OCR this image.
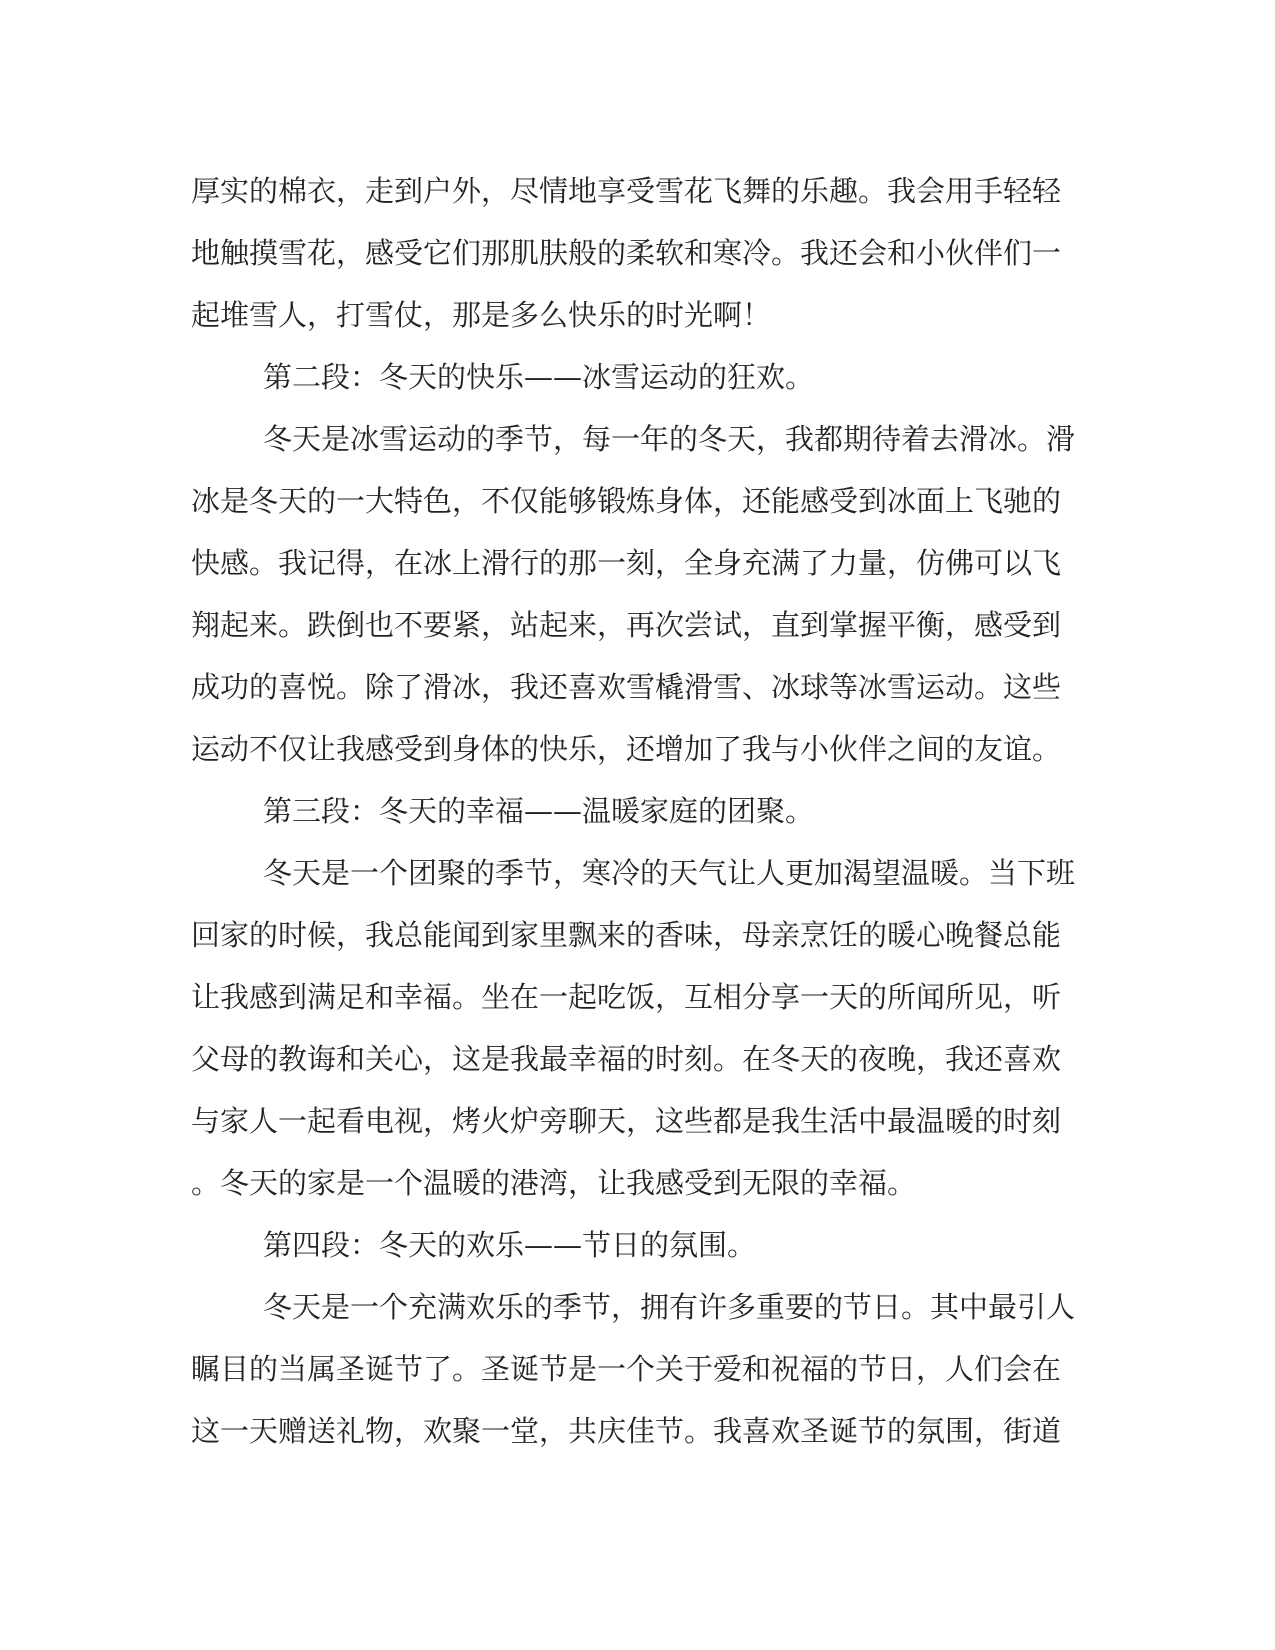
厚实的棉衣，走到户外，尽情地享受雪花飞舞的乐趣。我会用手轻轻
地触摸雪花，感受它们那肌肤般的柔软和寒冷。我还会和小伙伴们一
起堆雪人，打雪仗，那是多么快乐的时光啊！
第二段：冬天的快乐——冰雪运动的狂欢。
冬天是冰雪运动的季节，每一年的冬天，我都期待着去滑冰。滑
冰是冬天的一大特色，不仅能够锻炼身体，还能感受到冰面上飞驰的
快感。我记得，在冰上滑行的那一刻，全身充满了力量，仿佛可以飞
翔起来。跌倒也不要紧，站起来，再次尝试，直到掌握平衡，感受到
成功的喜悦。除了滑冰，我还喜欢雪橇滑雪、冰球等冰雪运动。这些
运动不仅让我感受到身体的快乐，还增加了我与小伙伴之间的友谊。
第三段：冬天的幸福——温暖家庭的团聚。
冬天是一个团聚的季节，寒冷的天气让人更加渴望温暖。当下班
回家的时候，我总能闻到家里飘来的香味，母亲烹饪的暖心晚餐总能
让我感到满足和幸福。坐在一起吃饭，互相分享一天的所闻所见，听
父母的教诲和关心，这是我最幸福的时刻。在冬天的夜晚，我还喜欢
与家人一起看电视，烤火炉旁聊天，这些都是我生活中最温暖的时刻
。冬天的家是一个温暖的港湾，让我感受到无限的幸福。
第四段：冬天的欢乐——节日的氛围。
冬天是一个充满欢乐的季节，拥有许多重要的节日。其中最引人
瞩目的当属圣诞节了。圣诞节是一个关于爱和祝福的节日，人们会在
这一天赠送礼物，欢聚一堂，共庆佳节。我喜欢圣诞节的氛围，街道
